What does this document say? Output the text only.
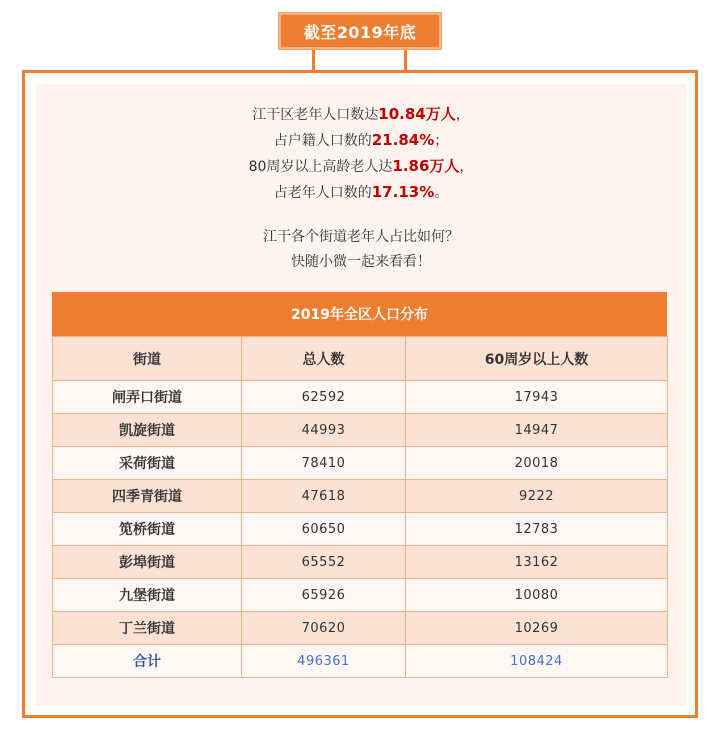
截至2019年底
江干区老年人口数达10.84万人，
占户籍人口数的21.84%；
80周岁以上高龄老人达1.86万人，
占老年人口数的17.13%。
江干各个街道老年人占比如何？
快随小微一起来看看！
2019年全区人口分布
街道	总人数	60周岁以上人数
闸弄口街道	62592	17943
凯旋街道	44993	14947
采荷街道	78410	20018
四季青街道	47618	9222
笕桥街道	60650	12783
彭埠街道	65552	13162
九堡街道	65926	10080
丁兰街道	70620	10269
合计	496361	108424
